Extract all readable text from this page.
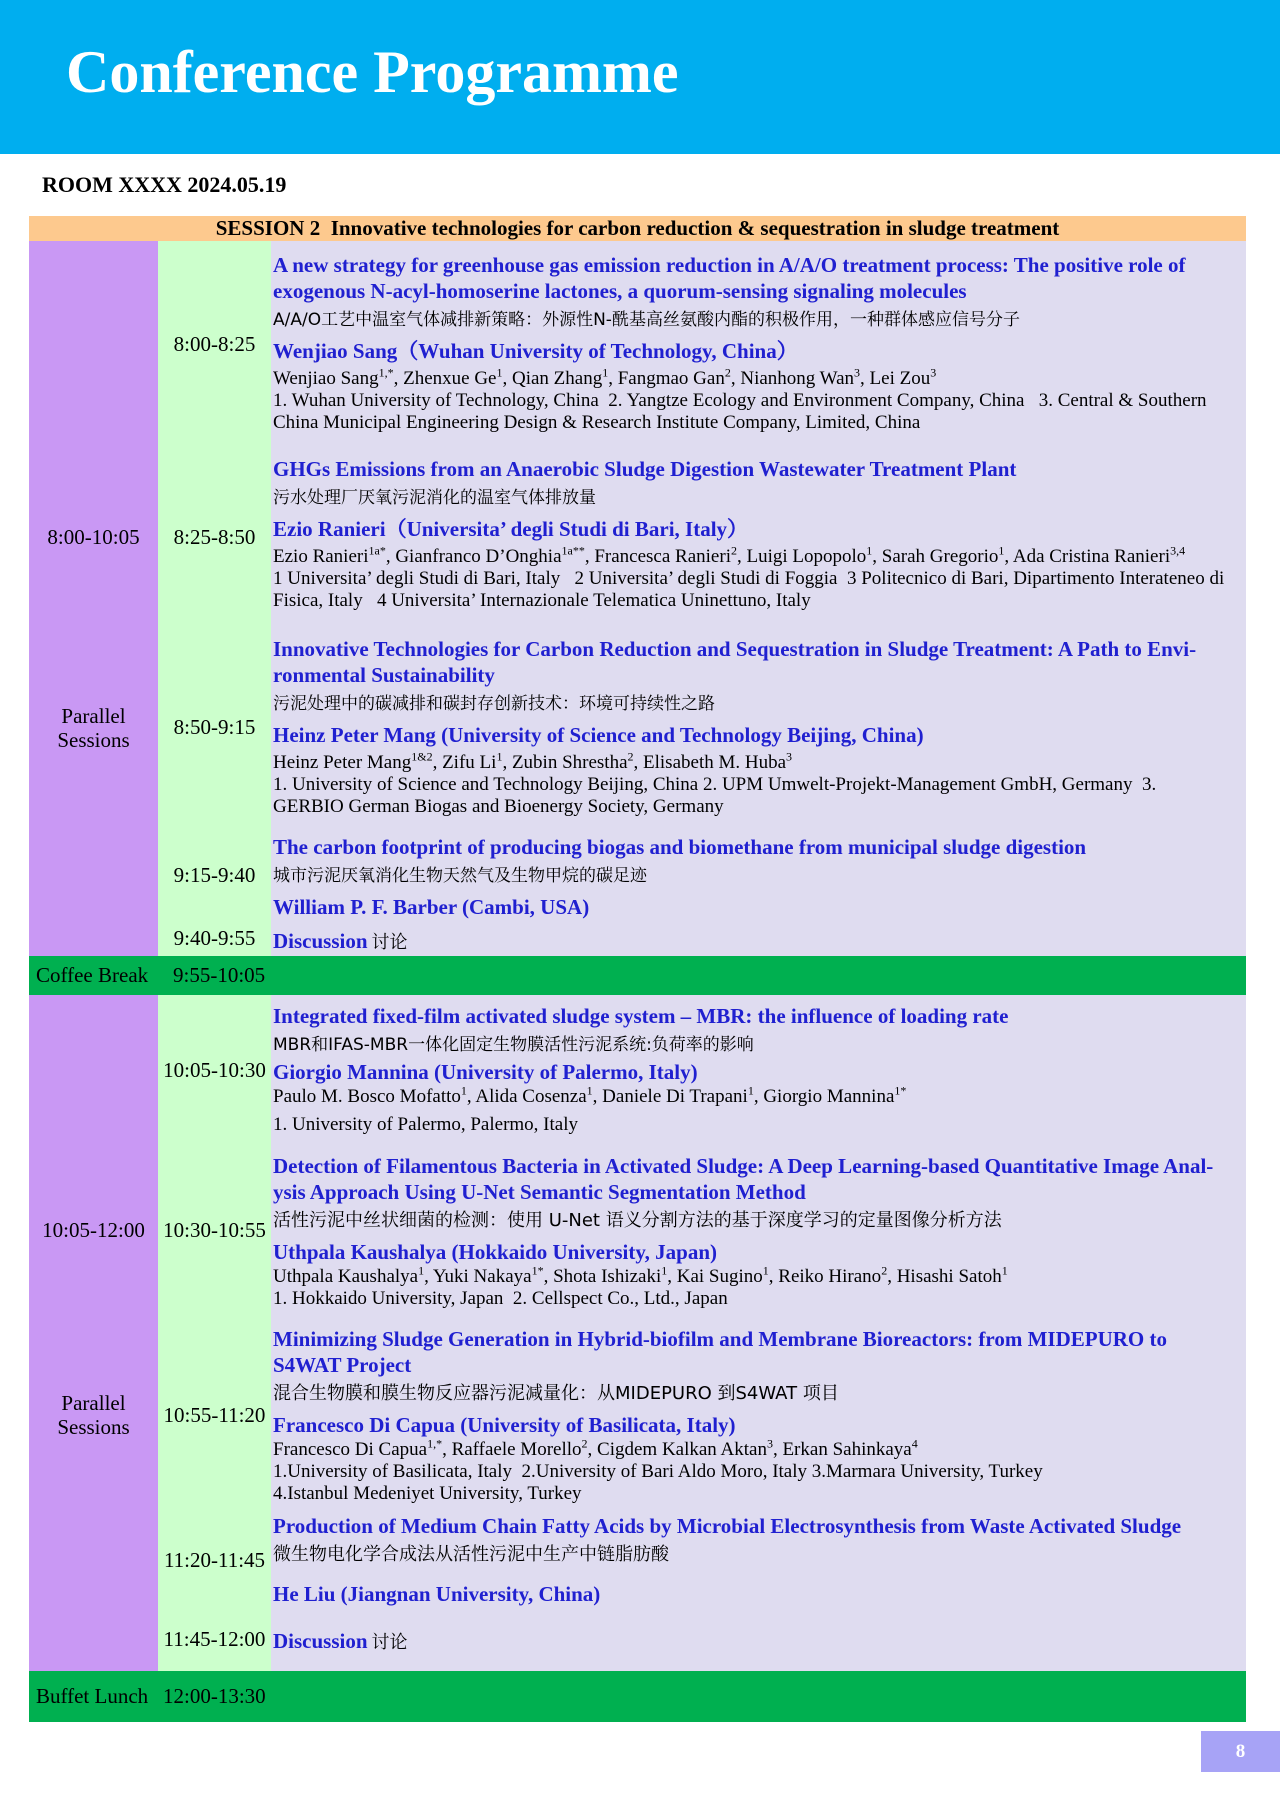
Conference Programme
ROOM XXXX 2024.05.19
SESSION 2  Innovative technologies for carbon reduction & sequestration in sludge treatment
8:00-10:05
Parallel
Sessions
8:00-8:25
A new strategy for greenhouse gas emission reduction in A/A/O treatment process: The positive role of
exogenous N-acyl-homoserine lactones, a quorum-sensing signaling molecules
A/A/O工艺中温室气体减排新策略：外源性N-酰基高丝氨酸内酯的积极作用，一种群体感应信号分子
Wenjiao Sang（Wuhan University of Technology, China）
Wenjiao Sang$^{1,*}$, Zhenxue Ge$^1$, Qian Zhang$^1$, Fangmao Gan$^2$, Nianhong Wan$^3$, Lei Zou$^3$
1. Wuhan University of Technology, China  2. Yangtze Ecology and Environment Company, China   3. Central & Southern
China Municipal Engineering Design & Research Institute Company, Limited, China
8:25-8:50
GHGs Emissions from an Anaerobic Sludge Digestion Wastewater Treatment Plant
污水处理厂厌氧污泥消化的温室气体排放量
Ezio Ranieri（Universita’ degli Studi di Bari, Italy）
Ezio Ranieri$^{1a*}$, Gianfranco D’Onghia$^{1a**}$, Francesca Ranieri$^2$, Luigi Lopopolo$^1$, Sarah Gregorio$^1$, Ada Cristina Ranieri$^{3,4}$
1 Universita’ degli Studi di Bari, Italy   2 Universita’ degli Studi di Foggia  3 Politecnico di Bari, Dipartimento Interateneo di
Fisica, Italy   4 Universita’ Internazionale Telematica Uninettuno, Italy
8:50-9:15
Innovative Technologies for Carbon Reduction and Sequestration in Sludge Treatment: A Path to Envi-
ronmental Sustainability
污泥处理中的碳减排和碳封存创新技术：环境可持续性之路
Heinz Peter Mang (University of Science and Technology Beijing, China)
Heinz Peter Mang$^{1\&2}$, Zifu Li$^1$, Zubin Shrestha$^2$, Elisabeth M. Huba$^3$
1. University of Science and Technology Beijing, China 2. UPM Umwelt-Projekt-Management GmbH, Germany  3.
GERBIO German Biogas and Bioenergy Society, Germany
9:15-9:40
The carbon footprint of producing biogas and biomethane from municipal sludge digestion
城市污泥厌氧消化生物天然气及生物甲烷的碳足迹
William P. F. Barber (Cambi, USA)
9:40-9:55 Discussion 讨论
Coffee Break 9:55-10:05
10:05-12:00
Parallel
Sessions
10:05-10:30
Integrated fixed-film activated sludge system – MBR: the influence of loading rate
MBR和IFAS-MBR一体化固定生物膜活性污泥系统:负荷率的影响
Giorgio Mannina (University of Palermo, Italy)
Paulo M. Bosco Mofatto$^1$, Alida Cosenza$^1$, Daniele Di Trapani$^1$, Giorgio Mannina$^{1*}$
1. University of Palermo, Palermo, Italy
10:30-10:55
Detection of Filamentous Bacteria in Activated Sludge: A Deep Learning-based Quantitative Image Anal-
ysis Approach Using U-Net Semantic Segmentation Method
活性污泥中丝状细菌的检测：使用 U-Net 语义分割方法的基于深度学习的定量图像分析方法
Uthpala Kaushalya (Hokkaido University, Japan)
Uthpala Kaushalya$^1$, Yuki Nakaya$^{1*}$, Shota Ishizaki$^1$, Kai Sugino$^1$, Reiko Hirano$^2$, Hisashi Satoh$^1$
1. Hokkaido University, Japan  2. Cellspect Co., Ltd., Japan
10:55-11:20
Minimizing Sludge Generation in Hybrid-biofilm and Membrane Bioreactors: from MIDEPURO to
S4WAT Project
混合生物膜和膜生物反应器污泥减量化：从MIDEPURO 到S4WAT 项目
Francesco Di Capua (University of Basilicata, Italy)
Francesco Di Capua$^{1,*}$, Raffaele Morello$^2$, Cigdem Kalkan Aktan$^3$, Erkan Sahinkaya$^4$
1.University of Basilicata, Italy  2.University of Bari Aldo Moro, Italy 3.Marmara University, Turkey
4.Istanbul Medeniyet University, Turkey
11:20-11:45
Production of Medium Chain Fatty Acids by Microbial Electrosynthesis from Waste Activated Sludge
微生物电化学合成法从活性污泥中生产中链脂肪酸
He Liu (Jiangnan University, China)
11:45-12:00 Discussion 讨论
Buffet Lunch 12:00-13:30
8
